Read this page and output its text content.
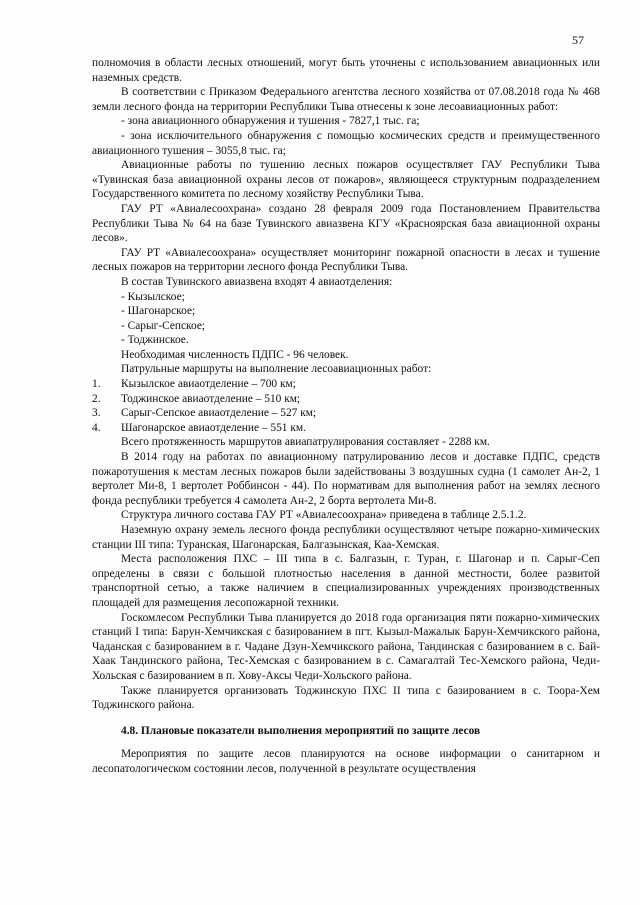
57

полномочия в области лесных отношений, могут быть уточнены с использованием авиационных или наземных средств.

В соответствии с Приказом Федерального агентства лесного хозяйства от 07.08.2018 года № 468 земли лесного фонда на территории Республики Тыва отнесены к зоне лесоавиационных работ:

- зона авиационного обнаружения и тушения - 7827,1 тыс. га;

- зона исключительного обнаружения с помощью космических средств и преимущественного авиационного тушения – 3055,8 тыс. га;

Авиационные работы по тушению лесных пожаров осуществляет ГАУ Республики Тыва «Тувинская база авиационной охраны лесов от пожаров», являющееся структурным подразделением Государственного комитета по лесному хозяйству Республики Тыва.

ГАУ РТ «Авиалесоохрана» создано 28 февраля 2009 года Постановлением Правительства Республики Тыва № 64 на базе Тувинского авиазвена КГУ «Красноярская база авиационной охраны лесов».

ГАУ РТ «Авиалесоохрана» осуществляет мониторинг пожарной опасности в лесах и тушение лесных пожаров на территории лесного фонда Республики Тыва.

В состав Тувинского авиазвена входят 4 авиаотделения:

- Кызылское;

- Шагонарское;

- Сарыг-Сепское;

- Тоджинское.

Необходимая численность ПДПС - 96 человек.

Патрульные маршруты на выполнение лесоавиационных работ:

1.	Кызылское авиаотделение – 700 км;
2.	Тоджинское авиаотделение – 510 км;
3.	Сарыг-Сепское авиаотделение – 527 км;
4.	Шагонарское авиаотделение – 551 км.

Всего протяженность маршрутов авиапатрулирования составляет - 2288 км.

В 2014 году на работах по авиационному патрулированию лесов и доставке ПДПС, средств пожаротушения к местам лесных пожаров были задействованы 3 воздушных судна (1 самолет Ан-2, 1 вертолет Ми-8, 1 вертолет Роббинсон - 44). По нормативам для выполнения работ на землях лесного фонда республики требуется 4 самолета Ан-2, 2 борта вертолета Ми-8.

Структура личного состава ГАУ РТ «Авиалесоохрана» приведена в таблице 2.5.1.2.

Наземную охрану земель лесного фонда республики осуществляют четыре пожарно-химических станции III типа: Туранская, Шагонарская, Балгазынская, Каа-Хемская.

Места расположения ПХС – III типа в с. Балгазын, г. Туран, г. Шагонар и п. Сарыг-Сеп определены в связи с большой плотностью населения в данной местности, более развитой транспортной сетью, а также наличием в специализированных учреждениях производственных площадей для размещения лесопожарной техники.

Госкомлесом Республики Тыва планируется до 2018 года организация пяти пожарно-химических станций I типа: Барун-Хемчикская с базированием в пгт. Кызыл-Мажалык Барун-Хемчикского района, Чаданская с базированием в г. Чадане Дзун-Хемчикского района, Тандинская с базированием в с. Бай-Хаак Тандинского района, Тес-Хемская с базированием в с. Самагалтай Тес-Хемского района, Чеди-Хольская с базированием в п. Хову-Аксы Чеди-Хольского района.

Также планируется организовать Тоджинскую ПХС II типа с базированием в с. Тоора-Хем Тоджинского района.

4.8. Плановые показатели выполнения мероприятий по защите лесов

Мероприятия по защите лесов планируются на основе информации о санитарном и лесопатологическом состоянии лесов, полученной в результате осуществления
